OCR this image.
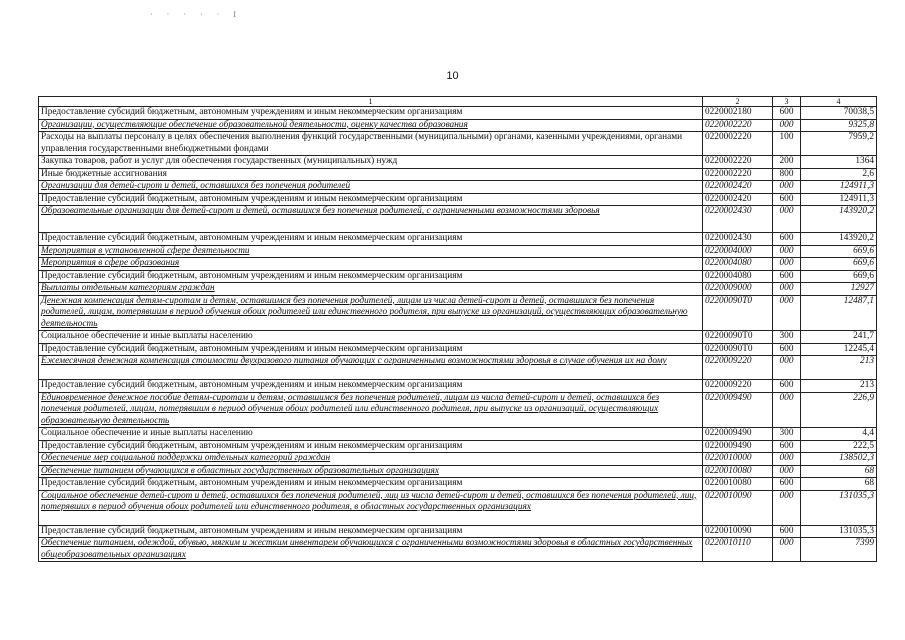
· · · · · I
10
1	2	3	4
Предоставление субсидий бюджетным, автономным учреждениям и иным некоммерческим организациям	0220002180	600	70038,5
Организации, осуществляющие обеспечение образовательной деятельности, оценку качества образования	0220002220	000	9325,8
Расходы на выплаты персоналу в целях обеспечения выполнения функций государственными (муниципальными) органами, казенными учреждениями, органами управления государственными внебюджетными фондами	0220002220	100	7959,2
Закупка товаров, работ и услуг для обеспечения государственных (муниципальных) нужд	0220002220	200	1364
Иные бюджетные ассигнования	0220002220	800	2,6
Организации для детей-сирот и детей, оставшихся без попечения родителей	0220002420	000	124911,3
Предоставление субсидий бюджетным, автономным учреждениям и иным некоммерческим организациям	0220002420	600	124911,3
Образовательные организации для детей-сирот и детей, оставшихся без попечения родителей, с ограниченными возможностями здоровья	0220002430	000	143920,2
Предоставление субсидий бюджетным, автономным учреждениям и иным некоммерческим организациям	0220002430	600	143920,2
Мероприятия в установленной сфере деятельности	0220004000	000	669,6
Мероприятия в сфере образования	0220004080	000	669,6
Предоставление субсидий бюджетным, автономным учреждениям и иным некоммерческим организациям	0220004080	600	669,6
Выплаты отдельным категориям граждан	0220009000	000	12927
Денежная компенсация детям-сиротам и детям, оставшимся без попечения родителей, лицам из числа детей-сирот и детей, оставшихся без попечения родителей, лицам, потерявшим в период обучения обоих родителей или единственного родителя, при выпуске из организаций, осуществляющих образовательную деятельность	02200090Т0	000	12487,1
Социальное обеспечение и иные выплаты населению	02200090Т0	300	241,7
Предоставление субсидий бюджетным, автономным учреждениям и иным некоммерческим организациям	02200090Т0	600	12245,4
Ежемесячная денежная компенсация стоимости двухразового питания обучающих с ограниченными возможностями здоровья в случае обучения их на дому	0220009220	000	213
Предоставление субсидий бюджетным, автономным учреждениям и иным некоммерческим организациям	0220009220	600	213
Единовременное денежное пособие детям-сиротам и детям, оставшимся без попечения родителей, лицам из числа детей-сирот и детей, оставшихся без попечения родителей, лицам, потерявшим в период обучения обоих родителей или единственного родителя, при выпуске из организаций, осуществляющих образовательную деятельность	0220009490	000	226,9
Социальное обеспечение и иные выплаты населению	0220009490	300	4,4
Предоставление субсидий бюджетным, автономным учреждениям и иным некоммерческим организациям	0220009490	600	222,5
Обеспечение мер социальной поддержки отдельных категорий граждан	0220010000	000	138502,3
Обеспечение питанием обучающихся в областных государственных образовательных организациях	0220010080	000	68
Предоставление субсидий бюджетным, автономным учреждениям и иным некоммерческим организациям	0220010080	600	68
Социальное обеспечение детей-сирот и детей, оставшихся без попечения родителей, лиц из числа детей-сирот и детей, оставшихся без попечения родителей, лиц, потерявших в период обучения обоих родителей или единственного родителя, в областных государственных организациях	0220010090	000	131035,3
Предоставление субсидий бюджетным, автономным учреждениям и иным некоммерческим организациям	0220010090	600	131035,3
Обеспечение питанием, одеждой, обувью, мягким и жестким инвентарем обучающихся с ограниченными возможностями здоровья в областных государственных общеобразовательных организациях	0220010110	000	7399
